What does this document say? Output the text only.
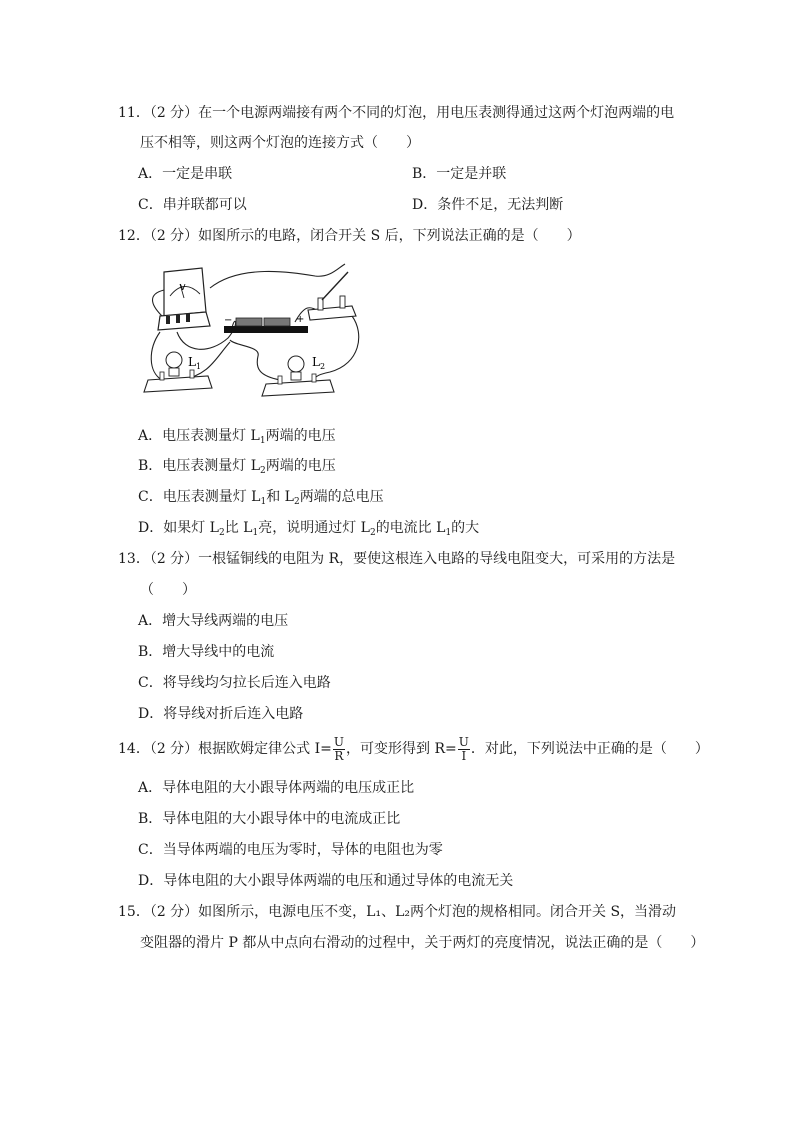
11．（2 分）在一个电源两端接有两个不同的灯泡，用电压表测得通过这两个灯泡两端的电
压不相等，则这两个灯泡的连接方式（　　）
A．一定是串联	B．一定是并联
C．串并联都可以	D．条件不足，无法判断
12．（2 分）如图所示的电路，闭合开关 S 后，下列说法正确的是（　　）
V
−	+
$L_1$	$L_2$
A．电压表测量灯 $L_1$两端的电压
B．电压表测量灯 $L_2$两端的电压
C．电压表测量灯 $L_1$和 $L_2$两端的总电压
D．如果灯 $L_2$比 $L_1$亮，说明通过灯 $L_2$的电流比 $L_1$的大
13．（2 分）一根锰铜线的电阻为 R，要使这根连入电路的导线电阻变大，可采用的方法是
（　　）
A．增大导线两端的电压
B．增大导线中的电流
C．将导线均匀拉长后连入电路
D．将导线对折后连入电路
14．（2 分）根据欧姆定律公式 $I= \frac{U}{R}$ ，可变形得到 $R= \frac{U}{I}$ ．对此，下列说法中正确的是（　　）
A．导体电阻的大小跟导体两端的电压成正比
B．导体电阻的大小跟导体中的电流成正比
C．当导体两端的电压为零时，导体的电阻也为零
D．导体电阻的大小跟导体两端的电压和通过导体的电流无关
15．（2 分）如图所示，电源电压不变，L₁、L₂两个灯泡的规格相同。闭合开关 S，当滑动
变阻器的滑片 P 都从中点向右滑动的过程中，关于两灯的亮度情况，说法正确的是（　　）
